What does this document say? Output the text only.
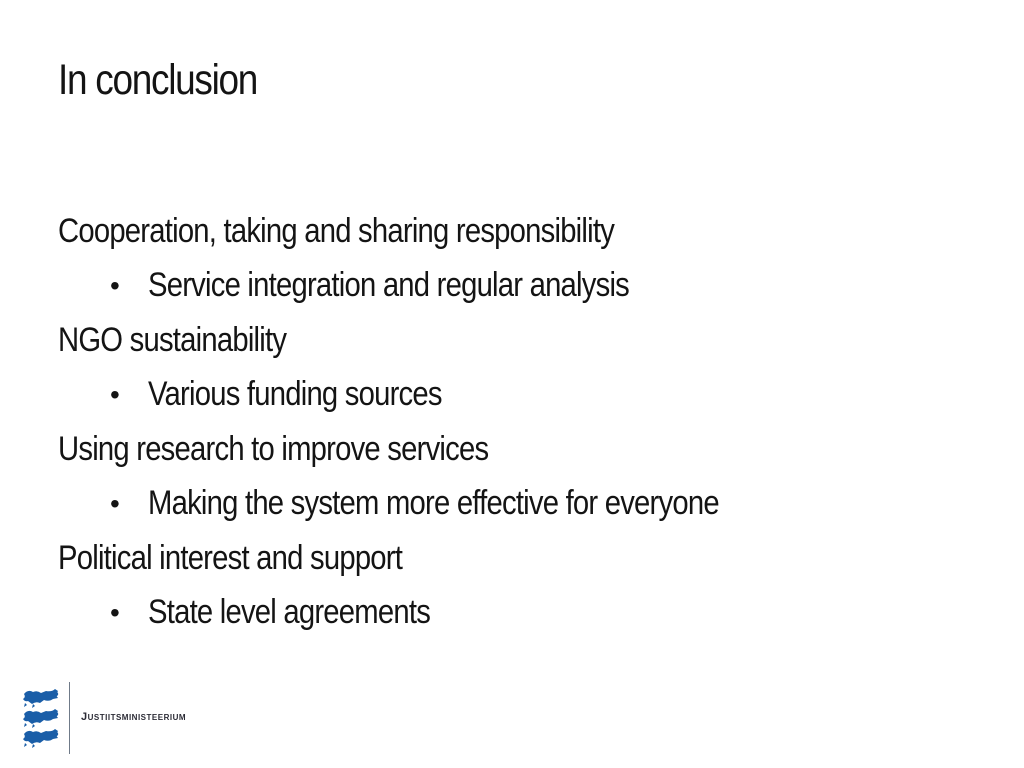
In conclusion
Cooperation, taking and sharing responsibility
• Service integration and regular analysis
NGO sustainability
• Various funding sources
Using research to improve services
• Making the system more effective for everyone
Political interest and support
• State level agreements
Justiitsministeerium
